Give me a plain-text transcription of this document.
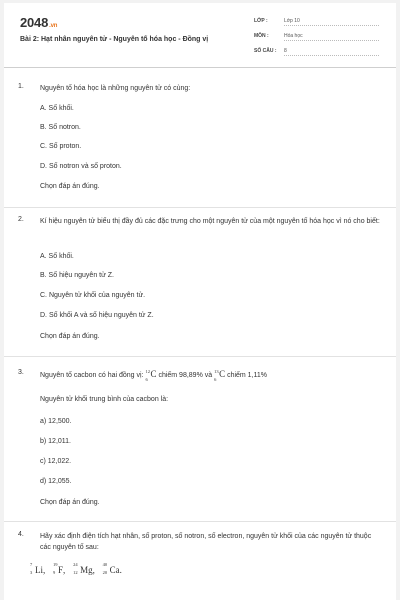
2048.vn
Bài 2: Hạt nhân nguyên tử - Nguyên tố hóa học - Đồng vị
LỚP :	Lớp 10
MÔN :	Hóa học
SỐ CÂU : 8
1. Nguyên tố hóa học là những nguyên tử có cùng:
A. Số khối.
B. Số notron.
C. Số proton.
D. Số notron và số proton.
Chọn đáp án đúng.
2. Kí hiệu nguyên tử biểu thị đầy đủ các đặc trưng cho một nguyên tử của một nguyên tố hóa học vì nó cho biết:
A. Số khối.
B. Số hiệu nguyên tử Z.
C. Nguyên tử khối của nguyên tử.
D. Số khối A và số hiệu nguyên tử Z.
Chọn đáp án đúng.
3. Nguyên tố cacbon có hai đồng vị:
12
6
C chiếm 98,89% và
13
6
C chiếm 1,11%
Nguyên tử khối trung bình của cacbon là:
a) 12,500.
b) 12,011.
c) 12,022.
d) 12,055.
Chọn đáp án đúng.
4. Hãy xác định điện tích hạt nhân, số proton, số notron, số electron, nguyên tử khối của các nguyên tử thuộc các nguyên tố sau:
7
3 Li,
19
9 F,
24
12 Mg,
40
20 Ca.
